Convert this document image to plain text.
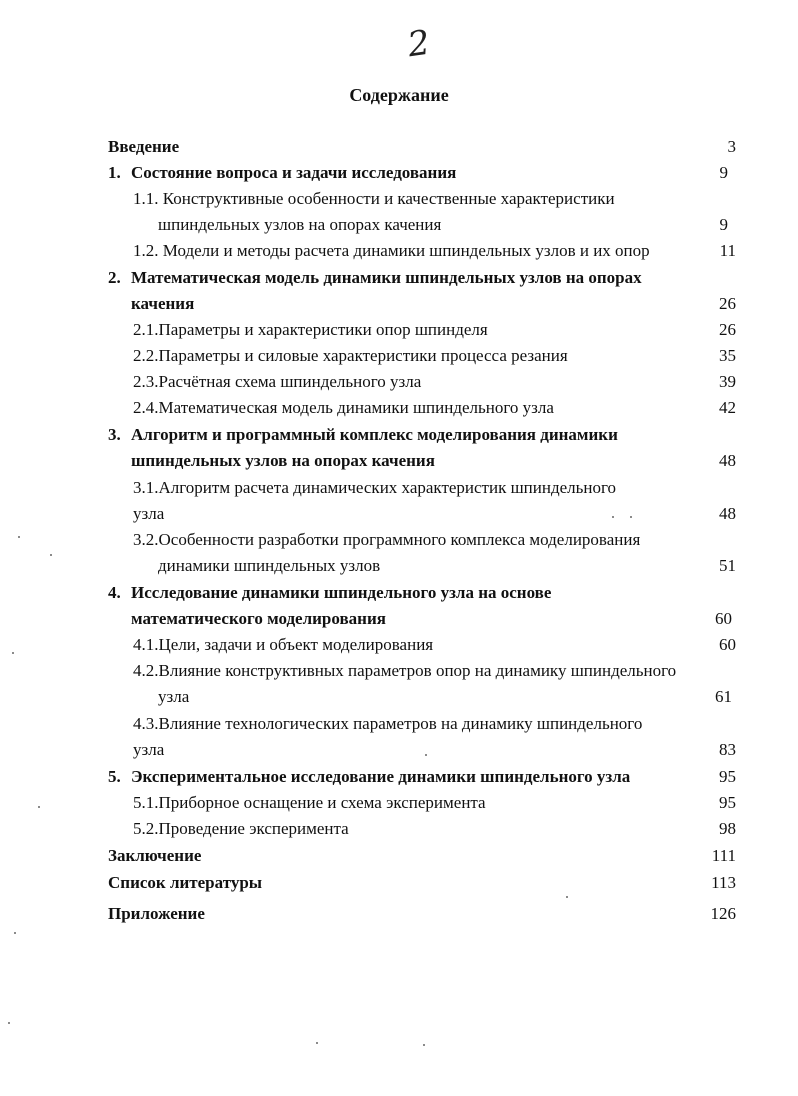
2
Содержание
Введение	3
1. Состояние вопроса и задачи исследования	9
1.1. Конструктивные особенности и качественные характеристики
шпиндельных узлов на опорах качения	9
1.2. Модели и методы расчета динамики шпиндельных узлов и их опор	11
2. Математическая модель динамики шпиндельных узлов на опорах
качения	26
2.1.Параметры и характеристики опор шпинделя	26
2.2.Параметры и силовые характеристики процесса резания	35
2.3.Расчётная схема шпиндельного узла	39
2.4.Математическая модель динамики шпиндельного узла	42
3. Алгоритм и программный комплекс моделирования динамики
шпиндельных узлов на опорах качения	48
3.1.Алгоритм расчета динамических характеристик шпиндельного
узла	48
3.2.Особенности разработки программного комплекса моделирования
динамики шпиндельных узлов	51
4. Исследование динамики шпиндельного узла на основе
математического моделирования	60
4.1.Цели, задачи и объект моделирования	60
4.2.Влияние конструктивных параметров опор на динамику шпиндельного
узла	61
4.3.Влияние технологических параметров на динамику шпиндельного
узла	83
5. Экспериментальное исследование динамики шпиндельного узла	95
5.1.Приборное оснащение и схема эксперимента	95
5.2.Проведение эксперимента	98
Заключение	111
Список литературы	113
Приложение	126
